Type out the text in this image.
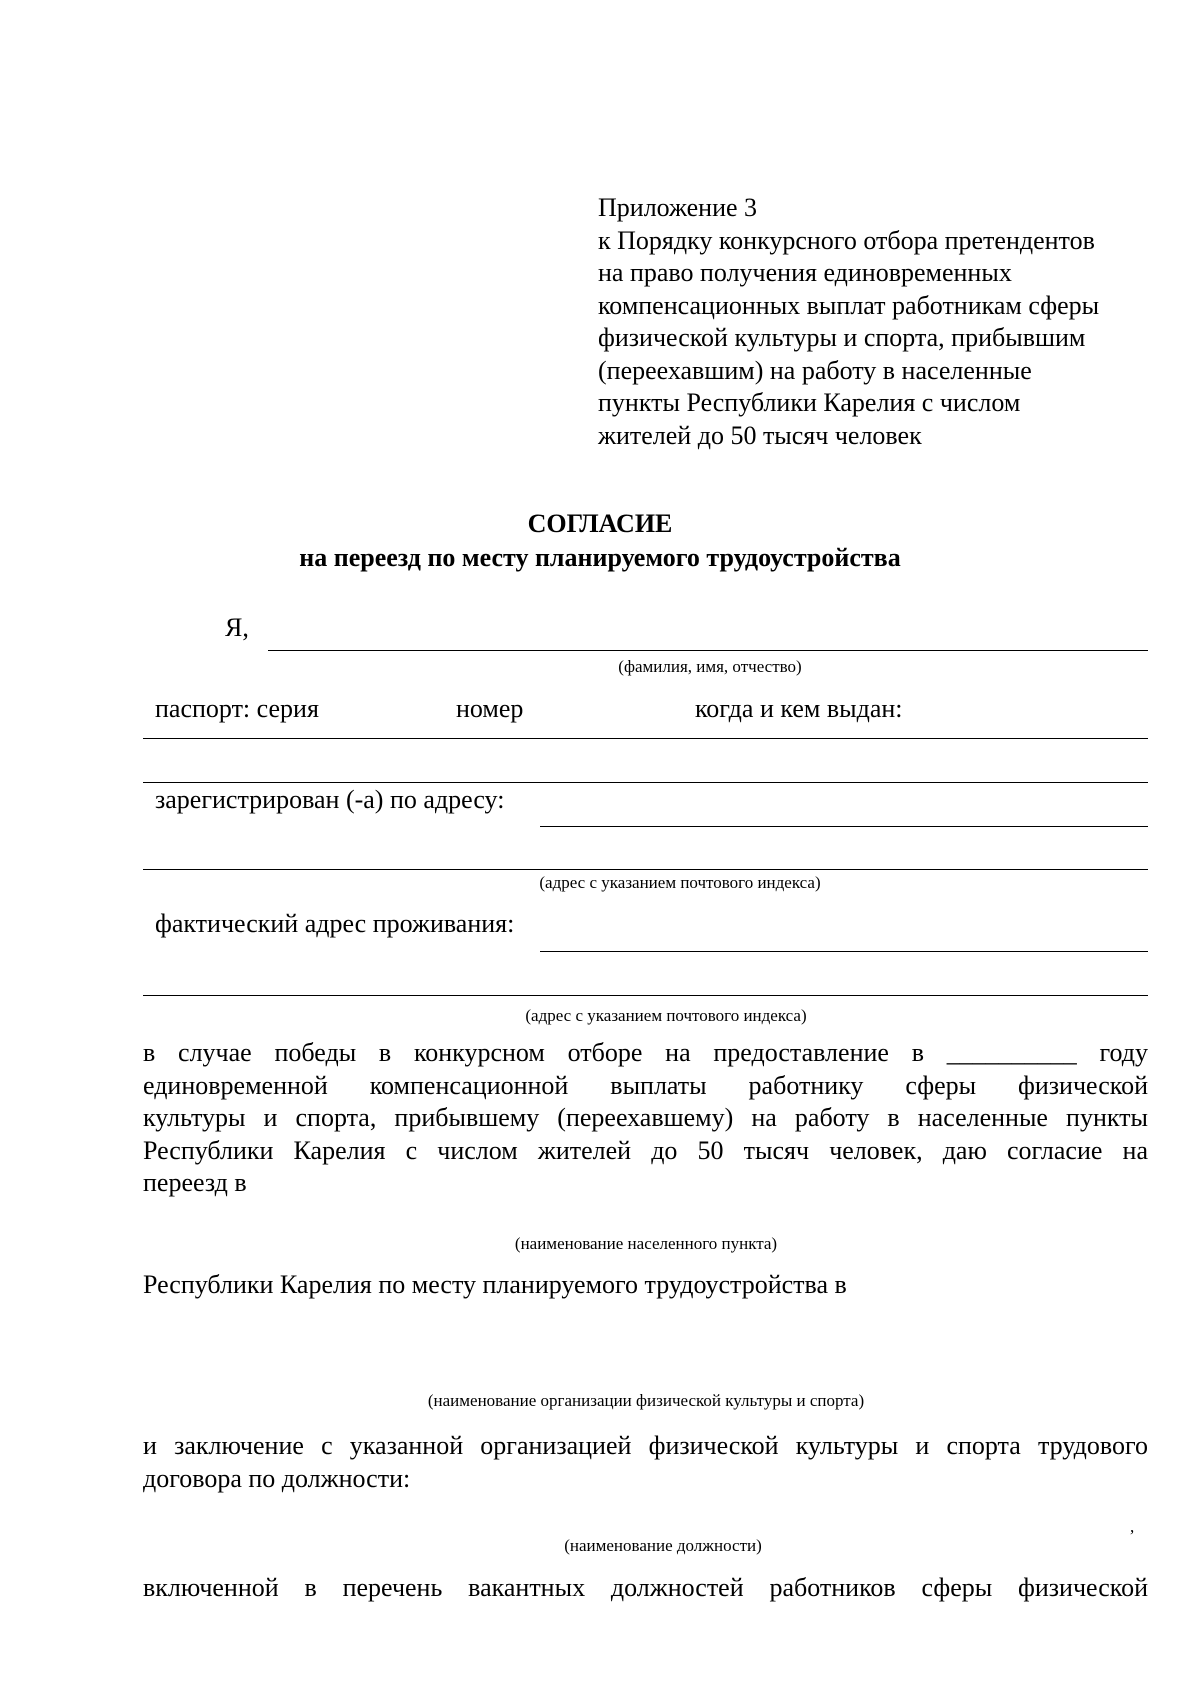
Приложение 3
к Порядку конкурсного отбора претендентов
на право получения единовременных
компенсационных выплат работникам сферы
физической культуры и спорта, прибывшим
(переехавшим) на работу в населенные
пункты Республики Карелия с числом
жителей до 50 тысяч человек
СОГЛАСИЕ
на переезд по месту планируемого трудоустройства
Я,
(фамилия, имя, отчество)
паспорт: серия	номер	когда и кем выдан:
зарегистрирован (-а) по адресу:
(адрес с указанием почтового индекса)
фактический адрес проживания:
(адрес с указанием почтового индекса)
в случае победы в конкурсном отборе на предоставление в __________ году
единовременной компенсационной выплаты работнику сферы физической
культуры и спорта, прибывшему (переехавшему) на работу в населенные пункты
Республики Карелия с числом жителей до 50 тысяч человек, даю согласие на
переезд в
(наименование населенного пункта)
Республики Карелия по месту планируемого трудоустройства в
(наименование организации физической культуры и спорта)
и заключение с указанной организацией физической культуры и спорта трудового
договора по должности:
,
(наименование должности)
включенной в перечень вакантных должностей работников сферы физической
